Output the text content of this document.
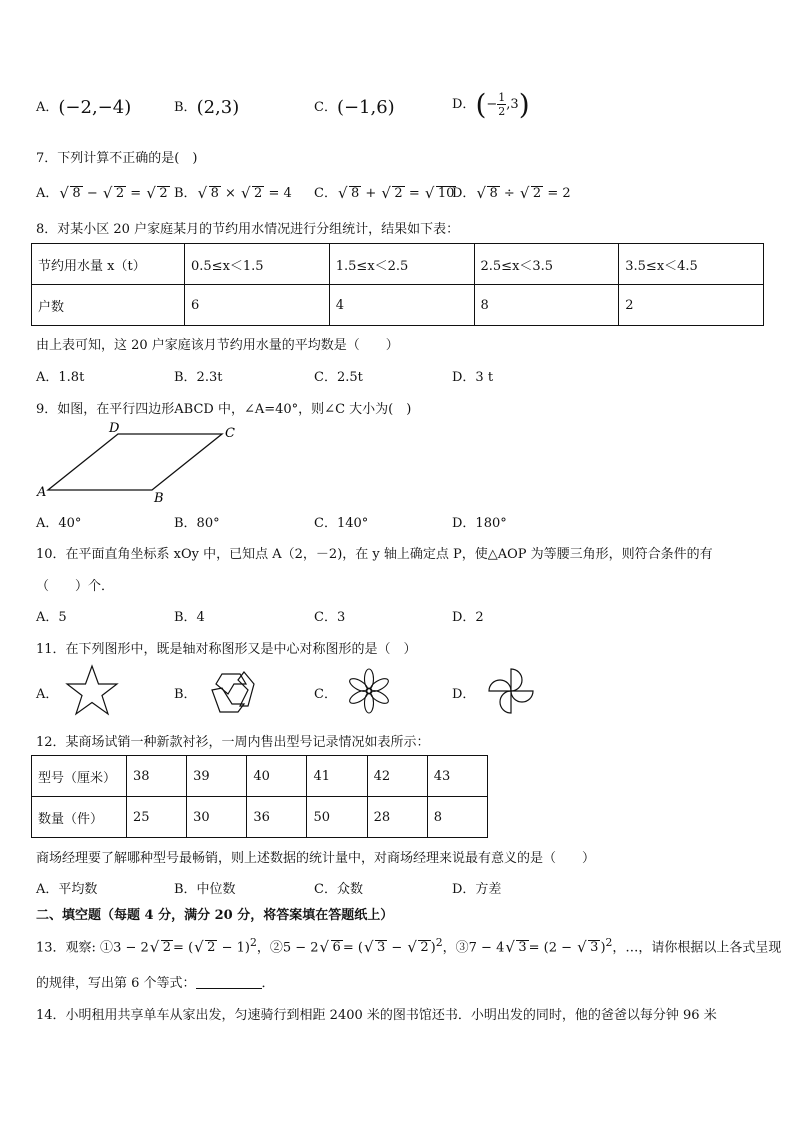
A．(−2,−4)	B．(2,3)	C．(−1,6)	D．(− $\frac{1}{2} ,3$)
7．下列计算不正确的是(　)
A． √ 8 − √ 2 = √ 2 B． √ 8 × √ 2 = 4 C． √ 8 + √ 2 = √ 10
D． √ 8 ÷ √ 2 = 2
8．对某小区 20 户家庭某月的节约用水情况进行分组统计，结果如下表：
节约用水量 x（t）	0.5≤x＜1.5	1.5≤x＜2.5	2.5≤x＜3.5	3.5≤x＜4.5
户数	6	4	8	2
由上表可知，这 20 户家庭该月节约用水量的平均数是（　　）
A．1.8t	B．2.3t	C．2.5t	D．3 t
9．如图，在平行四边形ABCD 中，∠A=40°，则∠C 大小为(　)
A	B
C
D
A．40°	B．80°	C．140°	D．180°
10．在平面直角坐标系 xOy 中，已知点 A（2，－2)，在 y 轴上确定点 P，使△AOP 为等腰三角形，则符合条件的有
（　　）个．
A．5	B．4	C．3	D．2
11．在下列图形中，既是轴对称图形又是中心对称图形的是（　）
A．	B．	C．	D．
12．某商场试销一种新款衬衫，一周内售出型号记录情况如表所示：
型号（厘米）	38	39	40	41	42	43
数量（件）	25	30	36	50	28	8
商场经理要了解哪种型号最畅销，则上述数据的统计量中，对商场经理来说最有意义的是（　　）
A．平均数	B．中位数	C．众数	D．方差
二、填空题（每题 4 分，满分 20 分，将答案填在答题纸上）
13．观察: ①3 − 2 √ 2 = ( √ 2 − 1)$^2$，②5 − 2 √ 6 = ( √ 3 − √ 2 )$^2$，③7 − 4 √ 3 = (2 − √ 3 )$^2$，…，请你根据以上各式呈现
的规律，写出第 6 个等式：	．
14．小明租用共享单车从家出发，匀速骑行到相距 2400 米的图书馆还书．小明出发的同时，他的爸爸以每分钟 96 米
